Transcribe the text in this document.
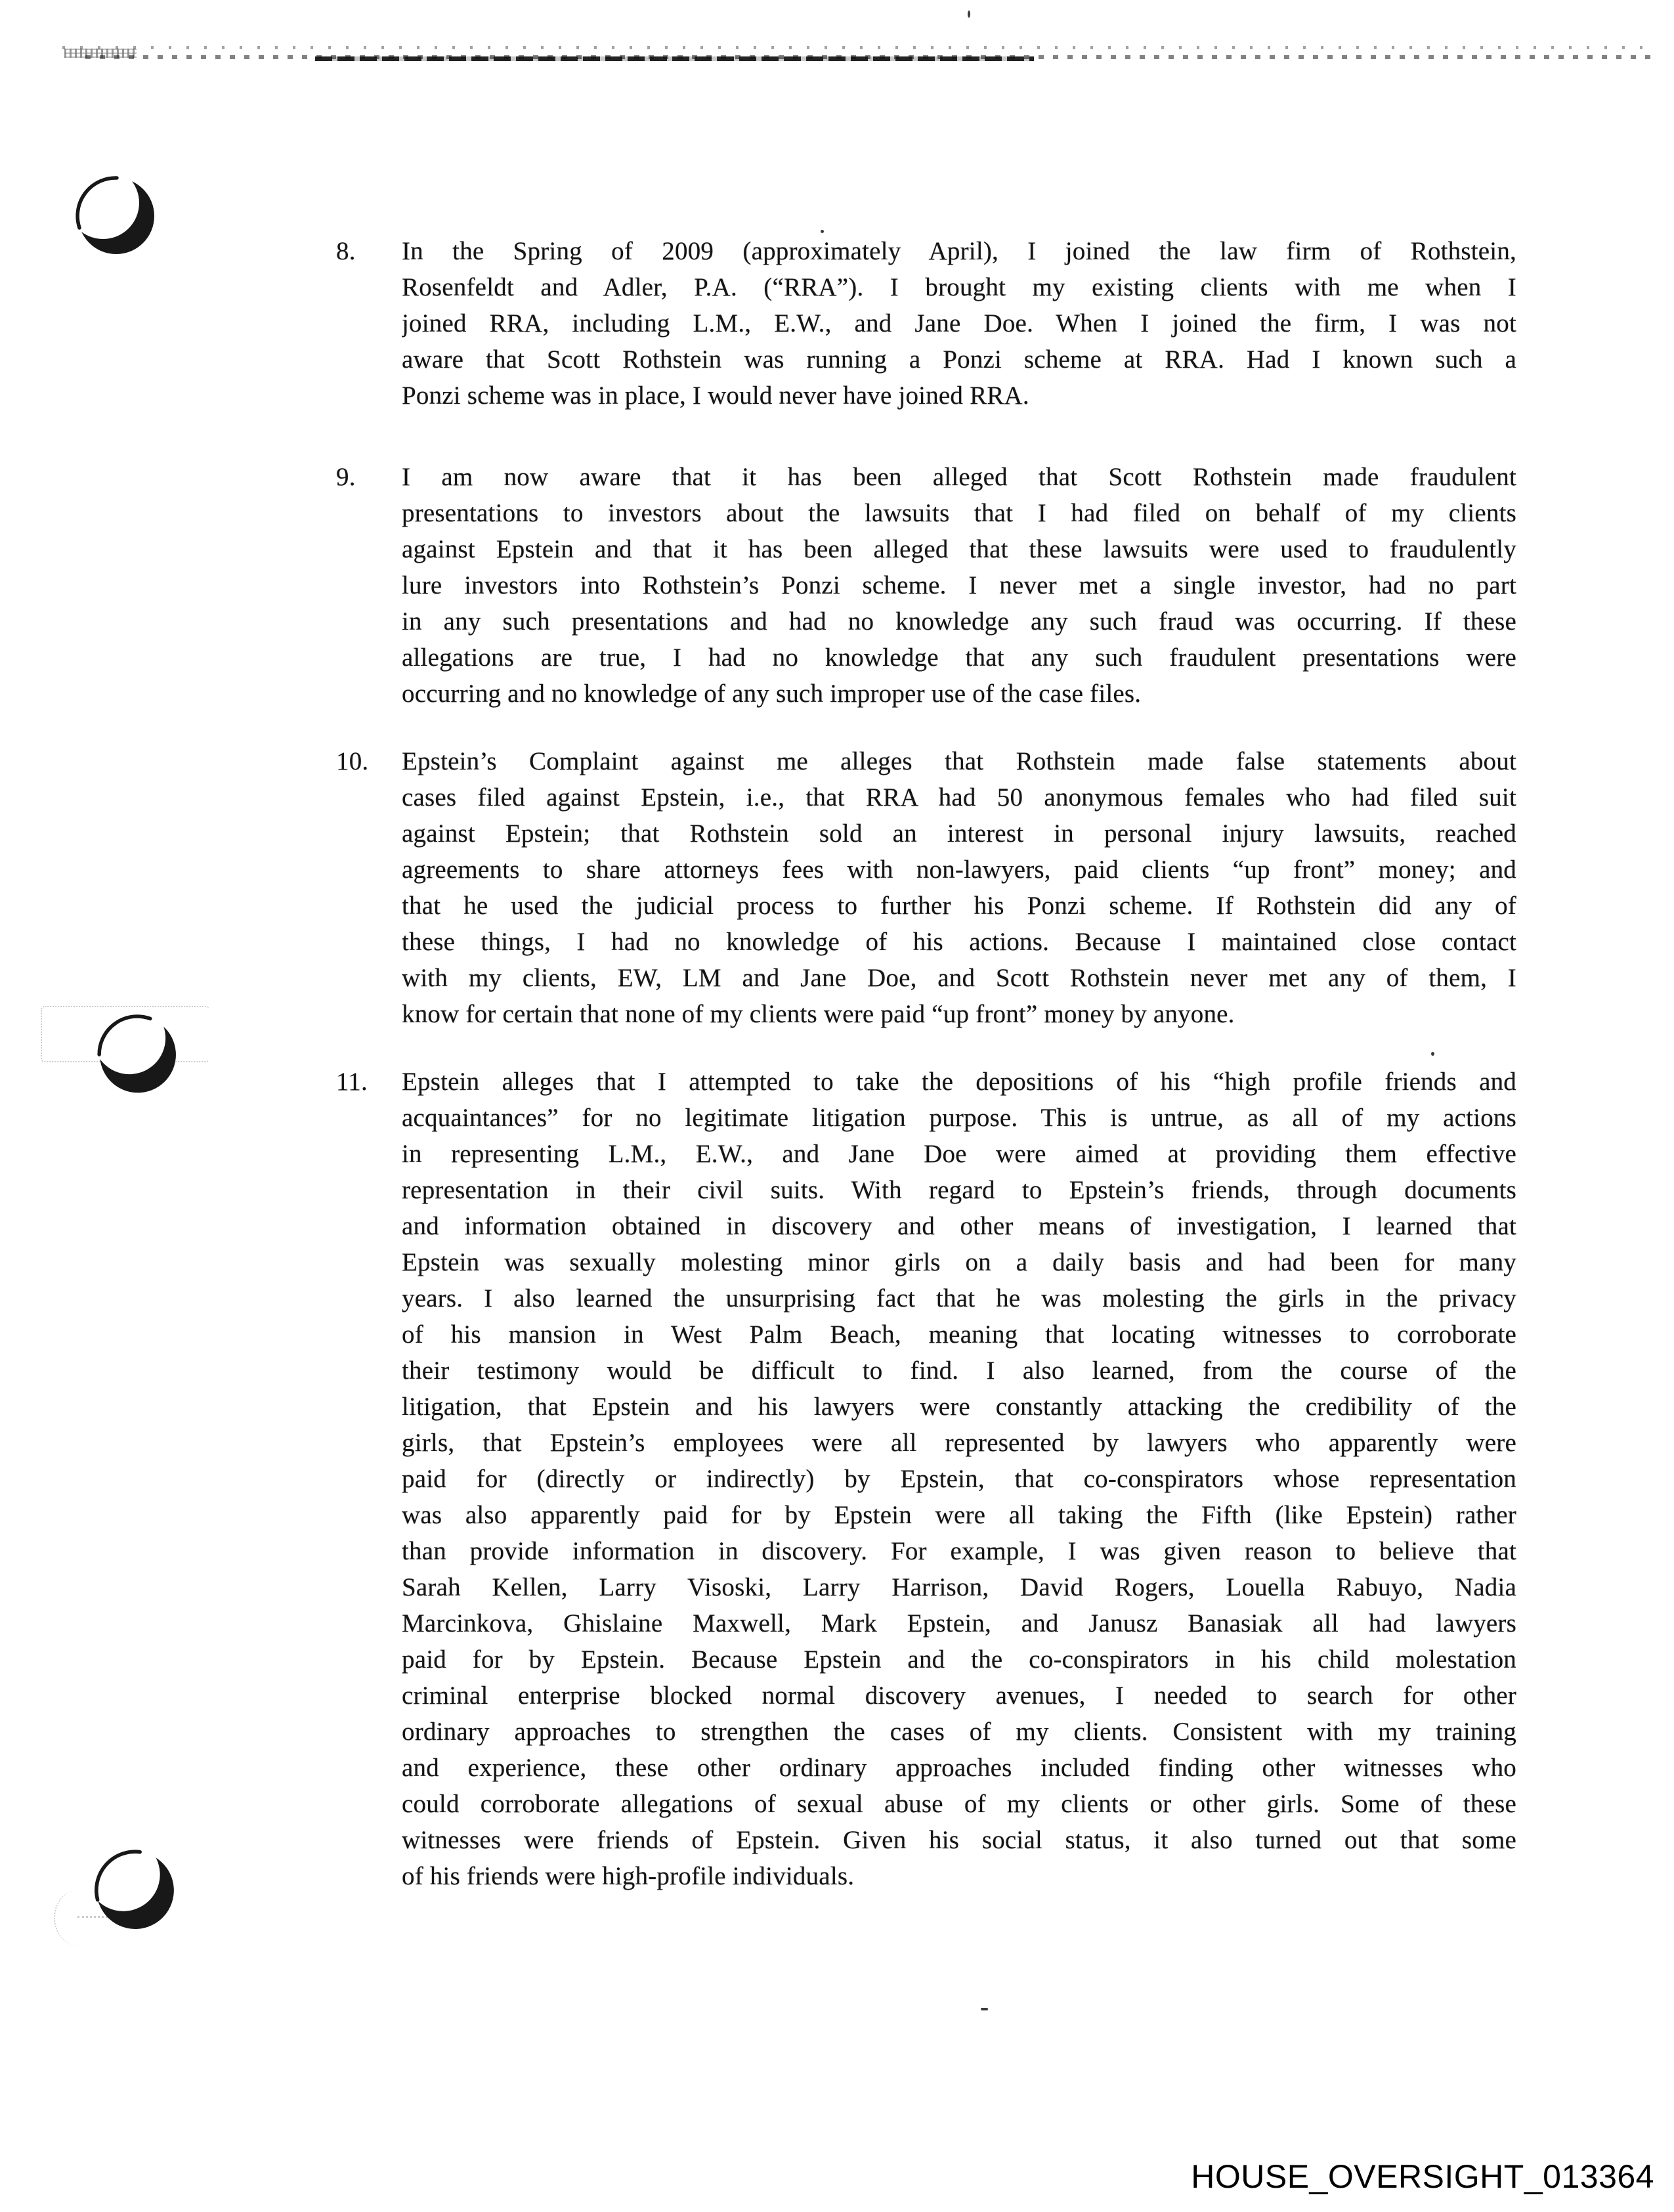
8.	In the Spring of 2009 (approximately April), I joined the law firm of Rothstein,
Rosenfeldt and Adler, P.A. (“RRA”). I brought my existing clients with me when I
joined RRA, including L.M., E.W., and Jane Doe. When I joined the firm, I was not
aware that Scott Rothstein was running a Ponzi scheme at RRA. Had I known such a
Ponzi scheme was in place, I would never have joined RRA.
9.	I am now aware that it has been alleged that Scott Rothstein made fraudulent
presentations to investors about the lawsuits that I had filed on behalf of my clients
against Epstein and that it has been alleged that these lawsuits were used to fraudulently
lure investors into Rothstein’s Ponzi scheme. I never met a single investor, had no part
in any such presentations and had no knowledge any such fraud was occurring. If these
allegations are true, I had no knowledge that any such fraudulent presentations were
occurring and no knowledge of any such improper use of the case files.
10.	Epstein’s Complaint against me alleges that Rothstein made false statements about
cases filed against Epstein, i.e., that RRA had 50 anonymous females who had filed suit
against Epstein; that Rothstein sold an interest in personal injury lawsuits, reached
agreements to share attorneys fees with non-lawyers, paid clients “up front” money; and
that he used the judicial process to further his Ponzi scheme. If Rothstein did any of
these things, I had no knowledge of his actions. Because I maintained close contact
with my clients, EW, LM and Jane Doe, and Scott Rothstein never met any of them, I
know for certain that none of my clients were paid “up front” money by anyone.
11.	Epstein alleges that I attempted to take the depositions of his “high profile friends and
acquaintances” for no legitimate litigation purpose. This is untrue, as all of my actions
in representing L.M., E.W., and Jane Doe were aimed at providing them effective
representation in their civil suits. With regard to Epstein’s friends, through documents
and information obtained in discovery and other means of investigation, I learned that
Epstein was sexually molesting minor girls on a daily basis and had been for many
years. I also learned the unsurprising fact that he was molesting the girls in the privacy
of his mansion in West Palm Beach, meaning that locating witnesses to corroborate
their testimony would be difficult to find. I also learned, from the course of the
litigation, that Epstein and his lawyers were constantly attacking the credibility of the
girls, that Epstein’s employees were all represented by lawyers who apparently were
paid for (directly or indirectly) by Epstein, that co-conspirators whose representation
was also apparently paid for by Epstein were all taking the Fifth (like Epstein) rather
than provide information in discovery. For example, I was given reason to believe that
Sarah Kellen, Larry Visoski, Larry Harrison, David Rogers, Louella Rabuyo, Nadia
Marcinkova, Ghislaine Maxwell, Mark Epstein, and Janusz Banasiak all had lawyers
paid for by Epstein. Because Epstein and the co-conspirators in his child molestation
criminal enterprise blocked normal discovery avenues, I needed to search for other
ordinary approaches to strengthen the cases of my clients. Consistent with my training
and experience, these other ordinary approaches included finding other witnesses who
could corroborate allegations of sexual abuse of my clients or other girls. Some of these
witnesses were friends of Epstein. Given his social status, it also turned out that some
of his friends were high-profile individuals.
HOUSE_OVERSIGHT_013364
